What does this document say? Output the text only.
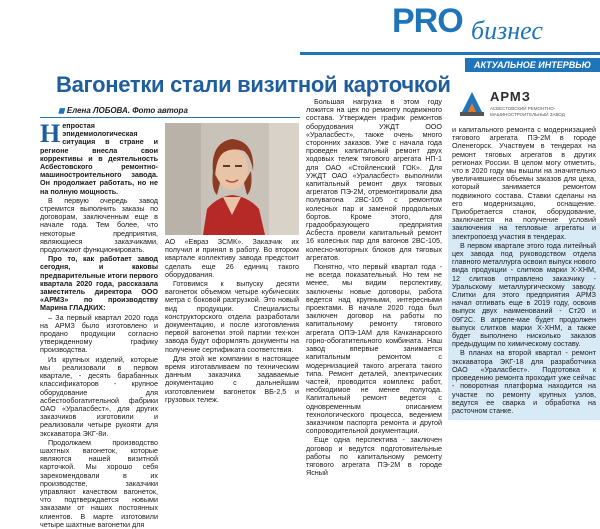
PRO бизнес
АКТУАЛЬНОЕ ИНТЕРВЬЮ
Вагонетки стали визитной карточкой
◼ Елена ЛОБОВА. Фото автора
АРМЗ
АСБЕСТОВСКИЙ РЕМОНТНО-МАШИНОСТРОИТЕЛЬНЫЙ ЗАВОД

Непростая эпидемиологическая ситуация в стране и регионе внесла свои коррективы и в деятельность Асбестовского ремонтно-машиностроительного завода. Он продолжает работать, но не на полную мощность.

В первую очередь завод стремится выполнить заказы по договорам, заключенным еще в начале года. Тем более, что некоторые предприятия, являющиеся заказчиками, продолжают функционировать.

Про то, как работает завод сегодня, и каковы предварительные итоги первого квартала 2020 года, рассказала заместитель директора ООО «АРМЗ» по производству Марина ГЛАДКИХ:

– За первый квартал 2020 года на АРМЗ было изготовлено и продано продукции согласно утвержденному графику производства.

Из крупных изделий, которые мы реализовали в первом квартале, - десять барабанных классификаторов - крупное оборудование для асбестообогатительной фабрики ОАО «Ураласбест», для других заказчиков изготовили и реализовали четыре рукояти для экскаватора ЭКГ-8и.

Продолжаем производство шахтных вагонеток, которые являются нашей визитной карточкой. Мы хорошо себя зарекомендовали в их производстве, заказчики управляют качеством вагонеток, что подтверждается новыми заказами от наших постоянных клиентов. В марте изготовили четыре шахтные вагонетки для

АО «Евраз ЗСМК». Заказчик их получил и принял в работу. Во втором квартале коллективу завода предстоит сделать еще 26 единиц такого оборудования.

Готовимся к выпуску десяти вагонеток объемом четыре кубических метра с боковой разгрузкой. Это новый вид продукции. Специалисты конструкторского отдела разработали документацию, и после изготовления первой вагонетки этой партии тех-кон завода будут оформлять документы на получение сертификата соответствия.

Для этой же компании в настоящее время изготавливаем по техническим данным заказчика задаваемые документацию с дальнейшим изготовлением вагонеток ВБ-2,5 и грузовых тележ.

Большая нагрузка в этом году ложится на цех по ремонту подвижного состава. Утвержден график ремонтов оборудования УЖДТ ООО «Ураласбест», также очень много сторонних заказов. Уже с начала года проведен капитальный ремонт двух ходовых тележ тягового агрегата НП-1 для ОАО «Стойленский ГОК». Для УЖДТ ОАО «Ураласбест» выполнили капитальный ремонт двух тяговых агрегатов ПЭ-2М, отремонтировали два полувагона 2ВС-105 с ремонтом колесных пар и заменой продольных бортов. Кроме этого, для градообразующего предприятия Асбеста провели капитальный ремонт 16 колесных пар для вагонов 2ВС-105, колесно-моторных блоков для тяговых агрегатов.

Понятно, что первый квартал года - не всегда показательный. Но тем не менее, мы видим перспективу, заключены новые договоры, работа ведется над крупными, интересными проектами. В начале 2020 года был заключен договор на работы по капитальному ремонту тягового агрегата ОПЭ-1АМ для Качканарского горно-обогатительного комбината. Наш завод впервые занимается капитальным ремонтом с модернизацией такого агрегата такого типа. Ремонт деталей, электрических частей, проводится комплекс работ, необходимое не менее полугода. Капитальный ремонт ведется с одновременным описанием технологического процесса, ведением заказчиком паспорта ремонта и другой сопроводительной документации.

Еще одна перспектива - заключен договор и ведутся подготовительные работы по капитальному ремонту тягового агрегата ПЭ-2М в городе Ясный

и капитального ремонта с модернизацией тягового агрегата ПЭ-2М в городе Оленегорск. Участвуем в тендерах на ремонт тяговых агрегатов в других регионах России. В целом могу отметить, что в 2020 году мы вышли на значительно увеличившиеся объемы заказов для цеха, который занимается ремонтом подвижного состава. Ставки сделаны на его модернизацию, оснащение. Приобретается станок, оборудование, заключается на получение условий заключения на тепловые агрегаты и электропоезд участия в тендерах.

В первом квартале этого года литейный цех завода под руководством отдела главного металлурга освоил выпуск нового вида продукции - слитков марки Х-ХНМ, 12 слитков отправлено заказчику - Уральскому металлургическому заводу. Слитки для этого предприятия АРМЗ начал отливать еще в 2019 году, освоив выпуск двух наименований - Ст20 и 09Г2С. В апреле-мае будет продолжен выпуск слитков марки Х-ХНМ, а также будет выполнено нисколько заказов предыдущим по химическому составу.

В планах на второй квартал - ремонт экскаватора ЭКГ-18 для разработчика ОАО «Ураласбест». Подготовка к проведению ремонта проходит уже сейчас - поворотная платформа находится на участке по ремонту крупных узлов, ведутся ее сварка и обработка на расточном станке.
